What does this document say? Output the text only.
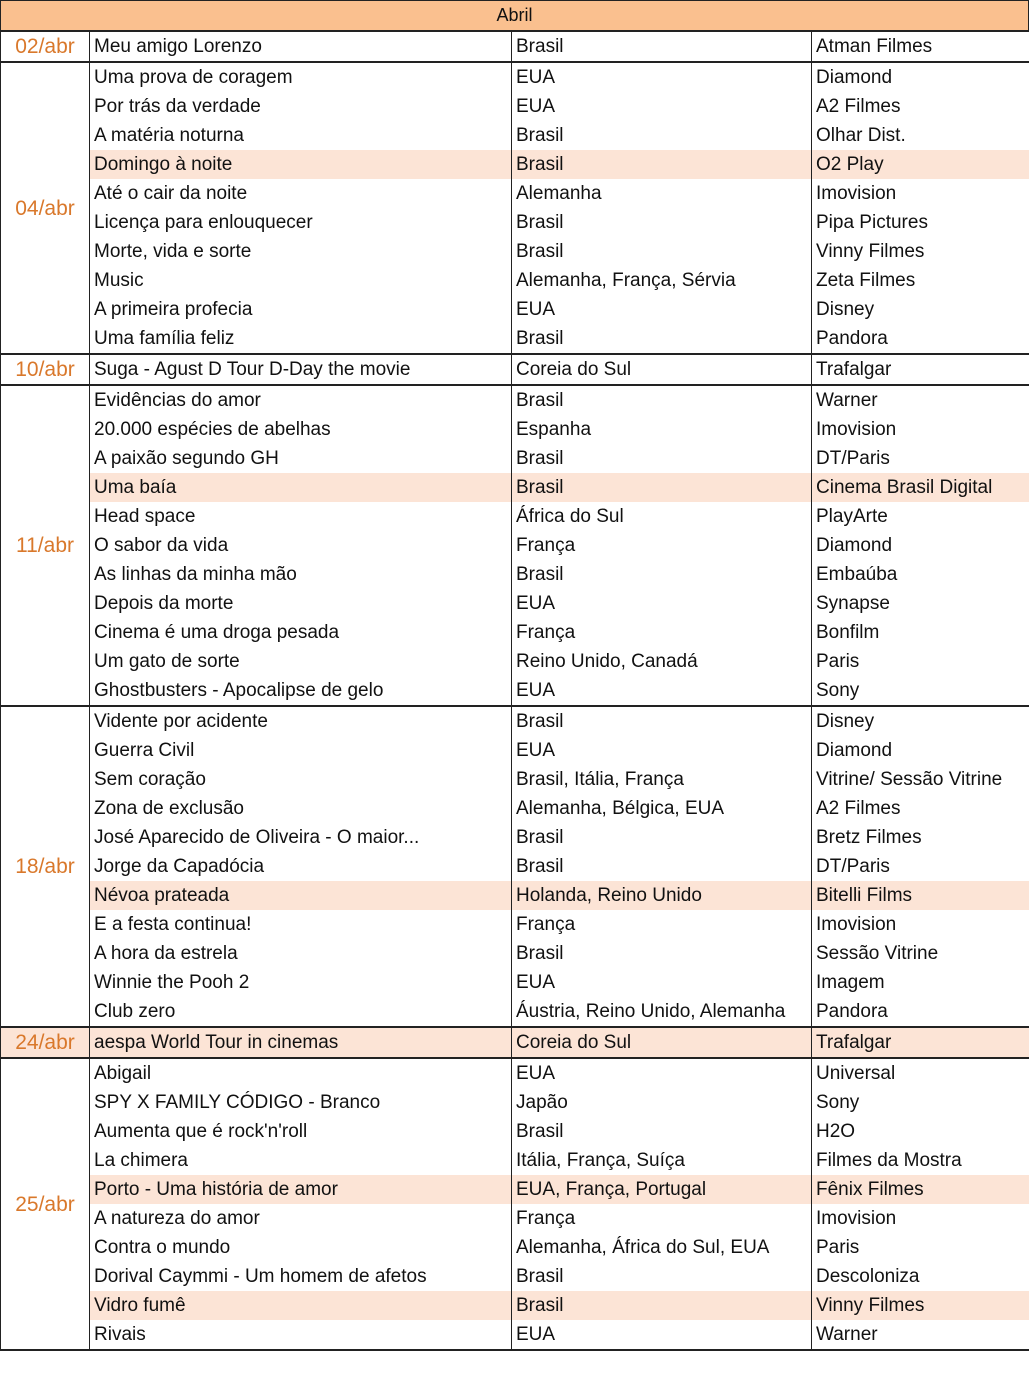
Abril
02/abr	Meu amigo Lorenzo	Brasil	Atman Filmes
04/abr	Uma prova de coragem	EUA	Diamond
	Por trás da verdade	EUA	A2 Filmes
	A matéria noturna	Brasil	Olhar Dist.
	Domingo à noite	Brasil	O2 Play
	Até o cair da noite	Alemanha	Imovision
	Licença para enlouquecer	Brasil	Pipa Pictures
	Morte, vida e sorte	Brasil	Vinny Filmes
	Music	Alemanha, França, Sérvia	Zeta Filmes
	A primeira profecia	EUA	Disney
	Uma família feliz	Brasil	Pandora
10/abr	Suga - Agust D Tour D-Day the movie	Coreia do Sul	Trafalgar
11/abr	Evidências do amor	Brasil	Warner
	20.000 espécies de abelhas	Espanha	Imovision
	A paixão segundo GH	Brasil	DT/Paris
	Uma baía	Brasil	Cinema Brasil Digital
	Head space	África do Sul	PlayArte
	O sabor da vida	França	Diamond
	As linhas da minha mão	Brasil	Embaúba
	Depois da morte	EUA	Synapse
	Cinema é uma droga pesada	França	Bonfilm
	Um gato de sorte	Reino Unido, Canadá	Paris
	Ghostbusters - Apocalipse de gelo	EUA	Sony
18/abr	Vidente por acidente	Brasil	Disney
	Guerra Civil	EUA	Diamond
	Sem coração	Brasil, Itália, França	Vitrine/ Sessão Vitrine
	Zona de exclusão	Alemanha, Bélgica, EUA	A2 Filmes
	José Aparecido de Oliveira - O maior...	Brasil	Bretz Filmes
	Jorge da Capadócia	Brasil	DT/Paris
	Névoa prateada	Holanda, Reino Unido	Bitelli Films
	E a festa continua!	França	Imovision
	A hora da estrela	Brasil	Sessão Vitrine
	Winnie the Pooh 2	EUA	Imagem
	Club zero	Áustria, Reino Unido, Alemanha	Pandora
24/abr	aespa World Tour in cinemas	Coreia do Sul	Trafalgar
25/abr	Abigail	EUA	Universal
	SPY X FAMILY CÓDIGO - Branco	Japão	Sony
	Aumenta que é rock'n'roll	Brasil	H2O
	La chimera	Itália, França, Suíça	Filmes da Mostra
	Porto - Uma história de amor	EUA, França, Portugal	Fênix Filmes
	A natureza do amor	França	Imovision
	Contra o mundo	Alemanha, África do Sul, EUA	Paris
	Dorival Caymmi - Um homem de afetos	Brasil	Descoloniza
	Vidro fumê	Brasil	Vinny Filmes
	Rivais	EUA	Warner
